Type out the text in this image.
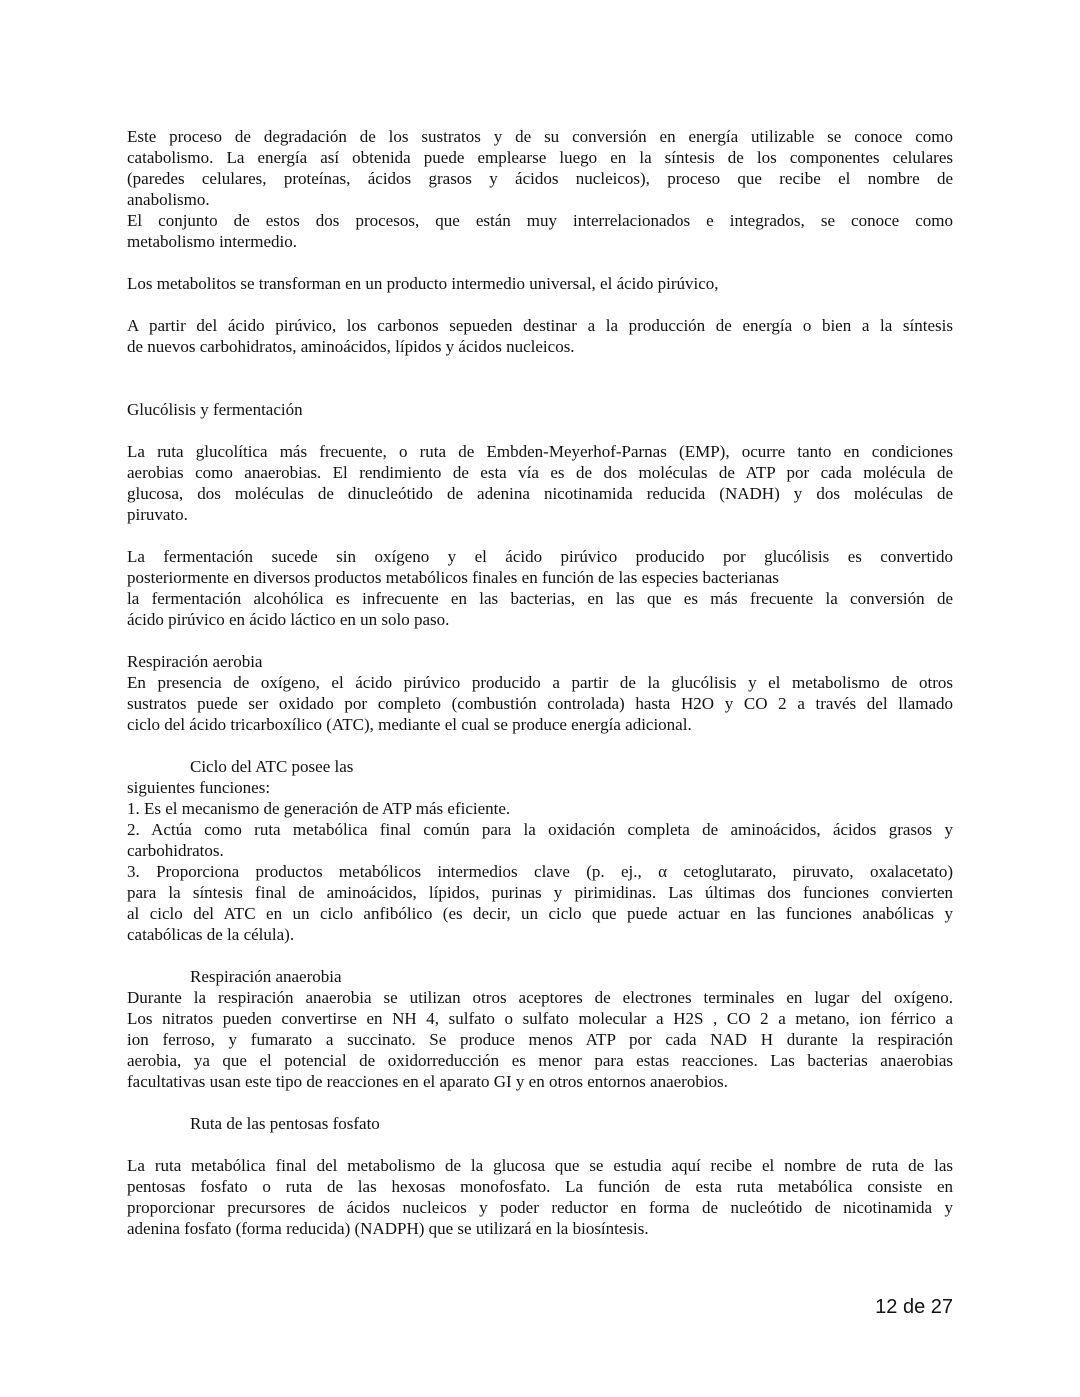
Este proceso de degradación de los sustratos y de su conversión en energía utilizable se conoce como
catabolismo. La energía así obtenida puede emplearse luego en la síntesis de los componentes celulares
(paredes celulares, proteínas, ácidos grasos y ácidos nucleicos), proceso que recibe el nombre de
anabolismo.
El conjunto de estos dos procesos, que están muy interrelacionados e integrados, se conoce como
metabolismo intermedio.
Los metabolitos se transforman en un producto intermedio universal, el ácido pirúvico,
A partir del ácido pirúvico, los carbonos sepueden destinar a la producción de energía o bien a la síntesis
de nuevos carbohidratos, aminoácidos, lípidos y ácidos nucleicos.
Glucólisis y fermentación
La ruta glucolítica más frecuente, o ruta de Embden-Meyerhof-Parnas (EMP), ocurre tanto en condiciones
aerobias como anaerobias. El rendimiento de esta vía es de dos moléculas de ATP por cada molécula de
glucosa, dos moléculas de dinucleótido de adenina nicotinamida reducida (NADH) y dos moléculas de
piruvato.
La fermentación sucede sin oxígeno y el ácido pirúvico producido por glucólisis es convertido
posteriormente en diversos productos metabólicos finales en función de las especies bacterianas
la fermentación alcohólica es infrecuente en las bacterias, en las que es más frecuente la conversión de
ácido pirúvico en ácido láctico en un solo paso.
Respiración aerobia
En presencia de oxígeno, el ácido pirúvico producido a partir de la glucólisis y el metabolismo de otros
sustratos puede ser oxidado por completo (combustión controlada) hasta H2O y CO 2 a través del llamado
ciclo del ácido tricarboxílico (ATC), mediante el cual se produce energía adicional.
Ciclo del ATC posee las
siguientes funciones:
1. Es el mecanismo de generación de ATP más eficiente.
2. Actúa como ruta metabólica final común para la oxidación completa de aminoácidos, ácidos grasos y
carbohidratos.
3. Proporciona productos metabólicos intermedios clave (p. ej., α cetoglutarato, piruvato, oxalacetato)
para la síntesis final de aminoácidos, lípidos, purinas y pirimidinas. Las últimas dos funciones convierten
al ciclo del ATC en un ciclo anfibólico (es decir, un ciclo que puede actuar en las funciones anabólicas y
catabólicas de la célula).
Respiración anaerobia
Durante la respiración anaerobia se utilizan otros aceptores de electrones terminales en lugar del oxígeno.
Los nitratos pueden convertirse en NH 4, sulfato o sulfato molecular a H2S , CO 2 a metano, ion férrico a
ion ferroso, y fumarato a succinato. Se produce menos ATP por cada NAD H durante la respiración
aerobia, ya que el potencial de oxidorreducción es menor para estas reacciones. Las bacterias anaerobias
facultativas usan este tipo de reacciones en el aparato GI y en otros entornos anaerobios.
Ruta de las pentosas fosfato
La ruta metabólica final del metabolismo de la glucosa que se estudia aquí recibe el nombre de ruta de las
pentosas fosfato o ruta de las hexosas monofosfato. La función de esta ruta metabólica consiste en
proporcionar precursores de ácidos nucleicos y poder reductor en forma de nucleótido de nicotinamida y
adenina fosfato (forma reducida) (NADPH) que se utilizará en la biosíntesis.
12 de 27
